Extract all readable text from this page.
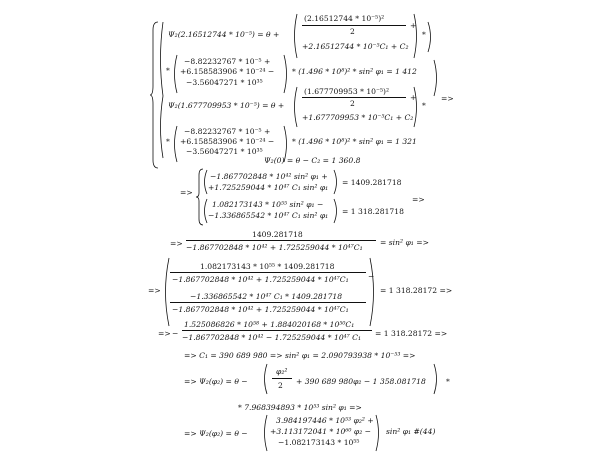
Ψ₂(2.16512744 * 10⁻⁵) = θ +
(2.16512744 * 10⁻⁵)²
+
2
+2.16512744 * 10⁻⁵C₁ + C₂
*
*
−8.82232767 * 10⁻⁵ +
+6.158583906 * 10⁻²⁴ −
−3.56047271 * 10³⁵
* (1.496 * 10⁸)² * sin² φ₁ = 1 412
Ψ₂(1.677709953 * 10⁻⁵) = θ +
(1.677709953 * 10⁻⁵)²
+
2
+1.677709953 * 10⁻⁵C₁ + C₂
*
=>
*
−8.82232767 * 10⁻⁵ +
+6.158583906 * 10⁻²⁴ −
−3.56047271 * 10³⁵
* (1.496 * 10⁸)² * sin² φ₁ = 1 321
Ψ₂(0) = θ − C₂ = 1 360.8
=>
−1.867702848 * 10⁴² sin² φ₁ +
+1.725259044 * 10⁴⁷ C₁ sin² φ₁
= 1409.281718
=>
1.082173143 * 10⁵⁵ sin² φ₁ −
−1.336865542 * 10⁴⁷ C₁ sin² φ₁ = 1 318.281718
=>
1409.281718
−1.867702848 * 10⁴² + 1.725259044 * 10⁴⁷C₁
= sin² φ₁ =>
=>
1.082173143 * 10⁵⁵ * 1409.281718
−1.867702848 * 10⁴² + 1.725259044 * 10⁴⁷C₁	−
−1.336865542 * 10⁴⁷ C₁ * 1409.281718
−1.867702848 * 10⁴² + 1.725259044 * 10⁴⁷C₁
= 1 318.28172 =>
=> −
1.525086826 * 10⁵⁸ + 1.884020168 * 10⁵⁰C₁
−1.867702848 * 10⁴² − 1.725259044 * 10⁴⁷ C₁ = 1 318.28172 =>
=> C₁ = 390 689 980 => sin² φ₁ = 2.090793938 * 10⁻⁵³ =>
=> Ψ₂(φ₂) = θ −
φ₂²
2 + 390 689 980φ₂ − 1 358.081718	*
* 7.968394893 * 10⁵³ sin² φ₁ =>
=> Ψ₂(φ₂) = θ −
3.984197446 * 10⁵³ φ₂² +
+3.113172041 * 10⁶⁰ φ₂ −
−1.082173143 * 10⁵⁵
sin² φ₁ #(44)
